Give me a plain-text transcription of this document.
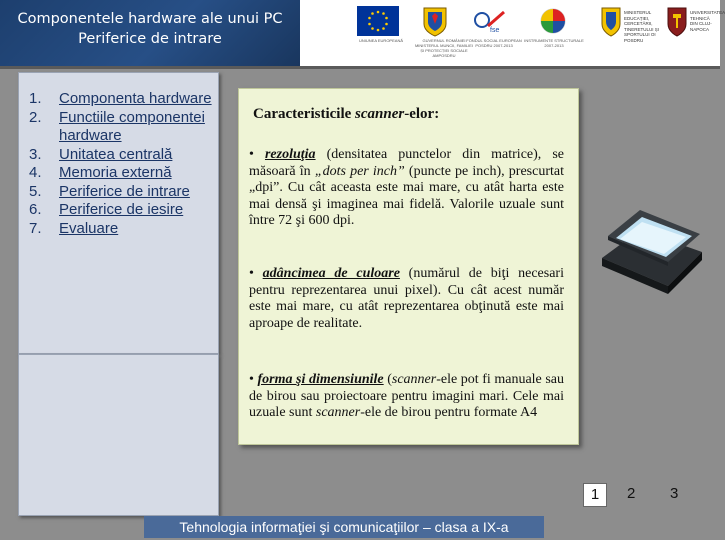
Componentele hardware ale unui PC
Periferice de intrare	UNIUNEA EUROPEANĂ	GUVERNUL ROMÂNIEI MINISTERUL MUNCII, FAMILIEI ȘI PROTECȚIEI SOCIALE AMPOSDRU
fse
FONDUL SOCIAL EUROPEAN POSDRU 2007-2013
INSTRUMENTE STRUCTURALE 2007-2013
MINISTERUL EDUCAȚIEI, CERCETĂRII, TINERETULUI ȘI SPORTULUI OI POSDRU
UNIVERSITATEA TEHNICĂ DIN CLUJ-NAPOCA
1. Componenta hardware
2. Functiile componentei hardware
3. Unitatea centrală
4. Memoria externă
5. Periferice de intrare
6. Periferice de iesire
7. Evaluare
Caracteristicile scanner-elor:
• rezoluţia (densitatea punctelor din matrice), se măsoară în „dots per inch” (puncte pe inch), prescurtat „dpi”. Cu cât aceasta este mai mare, cu atât harta este mai densă şi imaginea mai fidelă. Valorile uzuale sunt între 72 şi 600 dpi.
• adâncimea de culoare (numărul de biţi necesari pentru reprezentarea unui pixel). Cu cât acest număr este mai mare, cu atât reprezentarea obţinută este mai aproape de realitate.
• forma şi dimensiunile (scanner-ele pot fi manuale sau de birou sau proiectoare pentru imagini mari. Cele mai uzuale sunt scanner-ele de birou pentru formate A4
1	2 3
Tehnologia informaţiei şi comunicaţiilor – clasa a IX-a
